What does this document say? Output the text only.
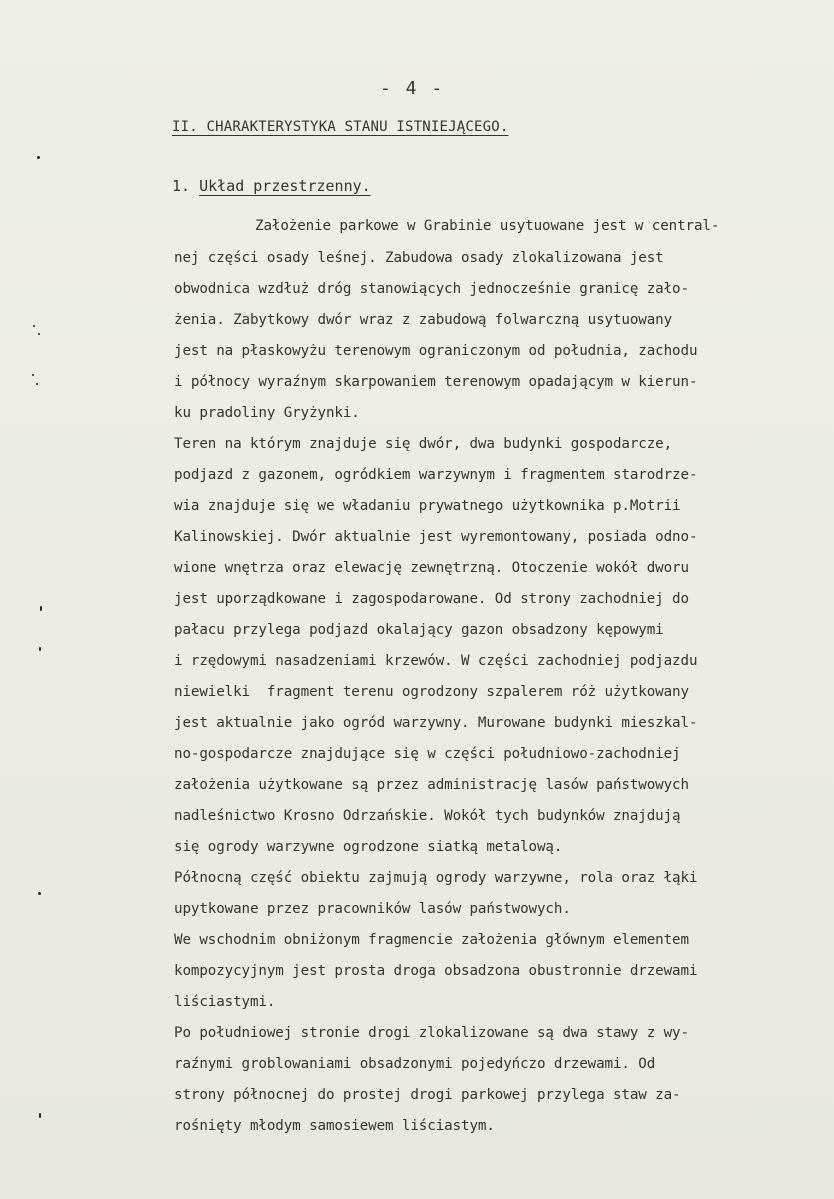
- 4 -
II. CHARAKTERYSTYKA STANU ISTNIEJĄCEGO.
1. Układ przestrzenny.
Założenie parkowe w Grabinie usytuowane jest w central-
nej części osady leśnej. Zabudowa osady zlokalizowana jest
obwodnica wzdłuż dróg stanowiących jednocześnie granicę zało-
żenia. Zabytkowy dwór wraz z zabudową folwarczną usytuowany
jest na płaskowyżu terenowym ograniczonym od południa, zachodu
i północy wyraźnym skarpowaniem terenowym opadającym w kierun-
ku pradoliny Gryżynki.
Teren na którym znajduje się dwór, dwa budynki gospodarcze,
podjazd z gazonem, ogródkiem warzywnym i fragmentem starodrze-
wia znajduje się we władaniu prywatnego użytkownika p.Motrii
Kalinowskiej. Dwór aktualnie jest wyremontowany, posiada odno-
wione wnętrza oraz elewację zewnętrzną. Otoczenie wokół dworu
jest uporządkowane i zagospodarowane. Od strony zachodniej do
pałacu przylega podjazd okalający gazon obsadzony kępowymi
i rzędowymi nasadzeniami krzewów. W części zachodniej podjazdu
niewielki  fragment terenu ogrodzony szpalerem róż użytkowany
jest aktualnie jako ogród warzywny. Murowane budynki mieszkal-
no-gospodarcze znajdujące się w części południowo-zachodniej
założenia użytkowane są przez administrację lasów państwowych
nadleśnictwo Krosno Odrzańskie. Wokół tych budynków znajdują
się ogrody warzywne ogrodzone siatką metalową.
Północną część obiektu zajmują ogrody warzywne, rola oraz łąki
upytkowane przez pracowników lasów państwowych.
We wschodnim obniżonym fragmencie założenia głównym elementem
kompozycyjnym jest prosta droga obsadzona obustronnie drzewami
liściastymi.
Po południowej stronie drogi zlokalizowane są dwa stawy z wy-
raźnymi groblowaniami obsadzonymi pojedyńczo drzewami. Od
strony północnej do prostej drogi parkowej przylega staw za-
rośnięty młodym samosiewem liściastym.
